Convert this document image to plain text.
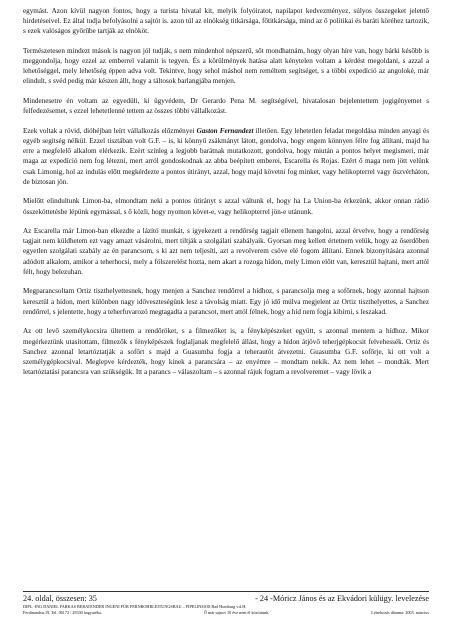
egymást. Azon kívül nagyon fontos, hogy a turista hivatal kit, melyik folyóiratot, napilapot kedvezményez, súlyos összegeket jelentő hirdetéseivel. Ez által tudja befolyásolni a sajtót is. azon túl az elnökség titkársága, főtitkársága, mind az ő politikai és baráti köréhez tartozik, s ezek valóságos győrűbe tartják az elnököt.

Természetesen mindezt mások is nagyon jól tudják, s nem mindenhol népszerű, sőt mondhatnám, hogy olyan híre van, hogy bárki később is meggondolja, hogy ezzel az emberrel valamit is tegyen. És a körülmények hatása alatt kénytelen voltam a kérdést megoldani, s azzal a lehetőséggel, mely lehetőség éppen adva volt. Tekintve, hogy sehol máshol nem reméltem segítséget, s a többi expedíció az angoloké, már elindult, s svéd pedig már készen állt, hogy a táltosok barlangjába menjen.

Mindenesetre én voltam az egyedüli, ki ügyvédem, Dr Gerardo Pena M. segítségével, hivatalosan bejelentettem jogigényemet s felfedezésemet, s ezzel lehetetlenné tettem az összes többi vállalkozást.

Ezek voltak a rövid, dióhéjban leírt vállalkozás előzményei Gaston Fernandezt illetően. Egy lehetetlen feladat megoldása minden anyagi és egyéb segítség nélkül. Ezzel tisztában volt G.F. – is, ki könnyű zsákmányt látott, gondolva, hogy engem könnyen félre fog állítani, majd ha erre a megfelelő alkalom elérkezik. Ezért színleg a legjobb barátnak mutatkozott, gondolva, hogy miután a pontos helyet megismeri, már maga az expedíció nem fog létezni, mert arról gondoskodnak az abba beépített emberei, Escarella és Rojas. Ezért ő maga nem jött velünk csak Limonig, hol az indulás előtt megkérdezte a pontos útirányt, azzal, hogy majd követni fog minket, vagy helikopterrel vagy őszvérháton, de biztosan jön.

Mielőtt elindultunk Limon-ba, elmondtam neki a pontos útirányt s azzal váltunk el, hogy ha La Union-ba érkezünk, akkor onnan rádió összeköttetésbe lépünk egymással, s ő közli, hogy nyomon követ-e, vagy helikopterrel jön-e utánunk.

Az Escarella már Limon-ban elkezdte a lázító munkát, s igyekezett a rendőrség tagjait ellenem hangolni, azzal érvelve, hogy a rendőrség tagjait nem küldhetem ezt vagy amazt vásárolni, mert tiltják a szolgálati szabályaik. Gyorsan meg kellett értetnem velük, hogy az őserdőben egyetlen szolgálati szabály az én parancsom, s ki azt nem teljesíti, azt a revolverem csöve elé fogom állítani. Ennek bizonyítására azonnal adódott alkalom, amikor a teherhocsi, mely a fölszerelést hozta, nem akart a rozoga hídon, mely Limon előtt van, keresztül hajtani, mert attól félt, hogy belezuhan.

Megparancsoltam Ortiz tiszthelyettesnek, hogy menjen a Sanchez rendőrrel a hídhoz, s parancsolja meg a sofőrnek, hogy azonnal hajtson keresztül a hídon, mert különben nagy időveszteségünk lesz a távolság miatt. Egy jó idő múlva megjelent az Ortiz tiszthelyettes, a Sanchez rendőrrel, s jelentette, hogy a teherfuvarozó megtagadta a parancsot, mert attól félnek, hogy a híd nem fogja kibírni, s leszakad.

Az ott levő személykocsira ültettem a rendőröket, s a filmezőket is, a fényképészeket együtt, s azonnal mentem a hídhoz. Mikor megérkeztünk utasítottam, filmezők s fényképészek foglaljanak megfelelő állást, hogy a hídon átjövő teherjgépkocsit felvehessék. Ortiz és Sanchez azonnal letartóztatják a sofőrt s majd a Guasumba fogja a teherautót átvezetni. Guasumba G.F. sofőrje, ki ott volt a személygépkocsival. Meglepve kérdezték, hogy kinek a parancsára – az enyémre – mondtam nekik. Az nem lehet – mondták. Mert letartóztatási parancsra van szükségük. Itt a parancs – válaszoltam – s azonnal rájuk fogtam a revolveremet – vagy lövik a

24. oldal, összesen: 35	- 24 -Móricz János és az Ekvádori külügy. levelezése
DIPL.-ING DANIEL FARKAS BERATENDER INGENI FÜR FERNROHRLEITUNGSBAU – PIPELINES38 Bad Homburg v.d.H.
Ferdinandstr.19, Tel. 06172 / 29330 hagyatéka.	Ő már sajnos 10 éve nem él közöttünk.	Létrehozás dátuma: 2003. március
